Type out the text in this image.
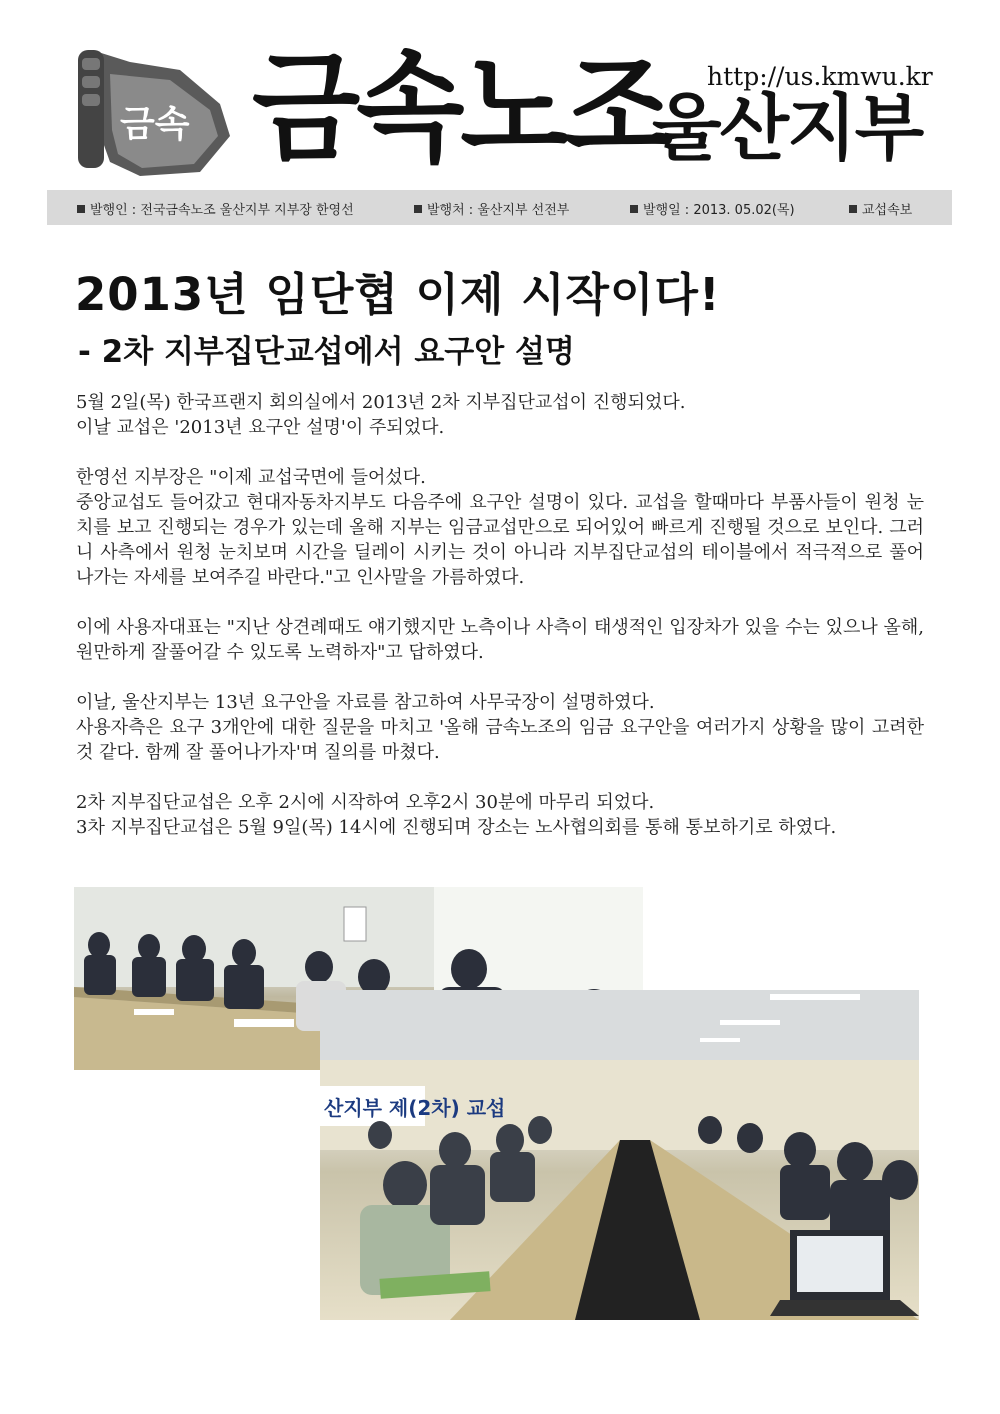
금속 금속노조 http://us.kmwu.kr
울산지부
발행인 : 전국금속노조 울산지부 지부장 한영선	발행처 : 울산지부 선전부	발행일 : 2013. 05.02(목)	교섭속보
2013년 임단협 이제 시작이다!
- 2차 지부집단교섭에서 요구안 설명

5월 2일(목) 한국프랜지 회의실에서 2013년 2차 지부집단교섭이 진행되었다.
이날 교섭은 '2013년 요구안 설명'이 주되었다.

한영선 지부장은 "이제 교섭국면에 들어섰다.
중앙교섭도 들어갔고 현대자동차지부도 다음주에 요구안 설명이 있다. 교섭을 할때마다 부품사들이 원청 눈치를 보고 진행되는 경우가 있는데 올해 지부는 임금교섭만으로 되어있어 빠르게 진행될 것으로 보인다. 그러니 사측에서 원청 눈치보며 시간을 딜레이 시키는 것이 아니라 지부집단교섭의 테이블에서 적극적으로 풀어나가는 자세를 보여주길 바란다."고 인사말을 가름하였다.

이에 사용자대표는 "지난 상견례때도 얘기했지만 노측이나 사측이 태생적인 입장차가 있을 수는 있으나 올해, 원만하게 잘풀어갈 수 있도록 노력하자"고 답하였다.

이날, 울산지부는 13년 요구안을 자료를 참고하여 사무국장이 설명하였다.
사용자측은 요구 3개안에 대한 질문을 마치고 '올해 금속노조의 임금 요구안을 여러가지 상황을 많이 고려한 것 같다. 함께 잘 풀어나가자'며 질의를 마쳤다.

2차 지부집단교섭은 오후 2시에 시작하여 오후2시 30분에 마무리 되었다.
3차 지부집단교섭은 5월 9일(목) 14시에 진행되며 장소는 노사협의회를 통해 통보하기로 하였다.

산지부 제(2차) 교섭
